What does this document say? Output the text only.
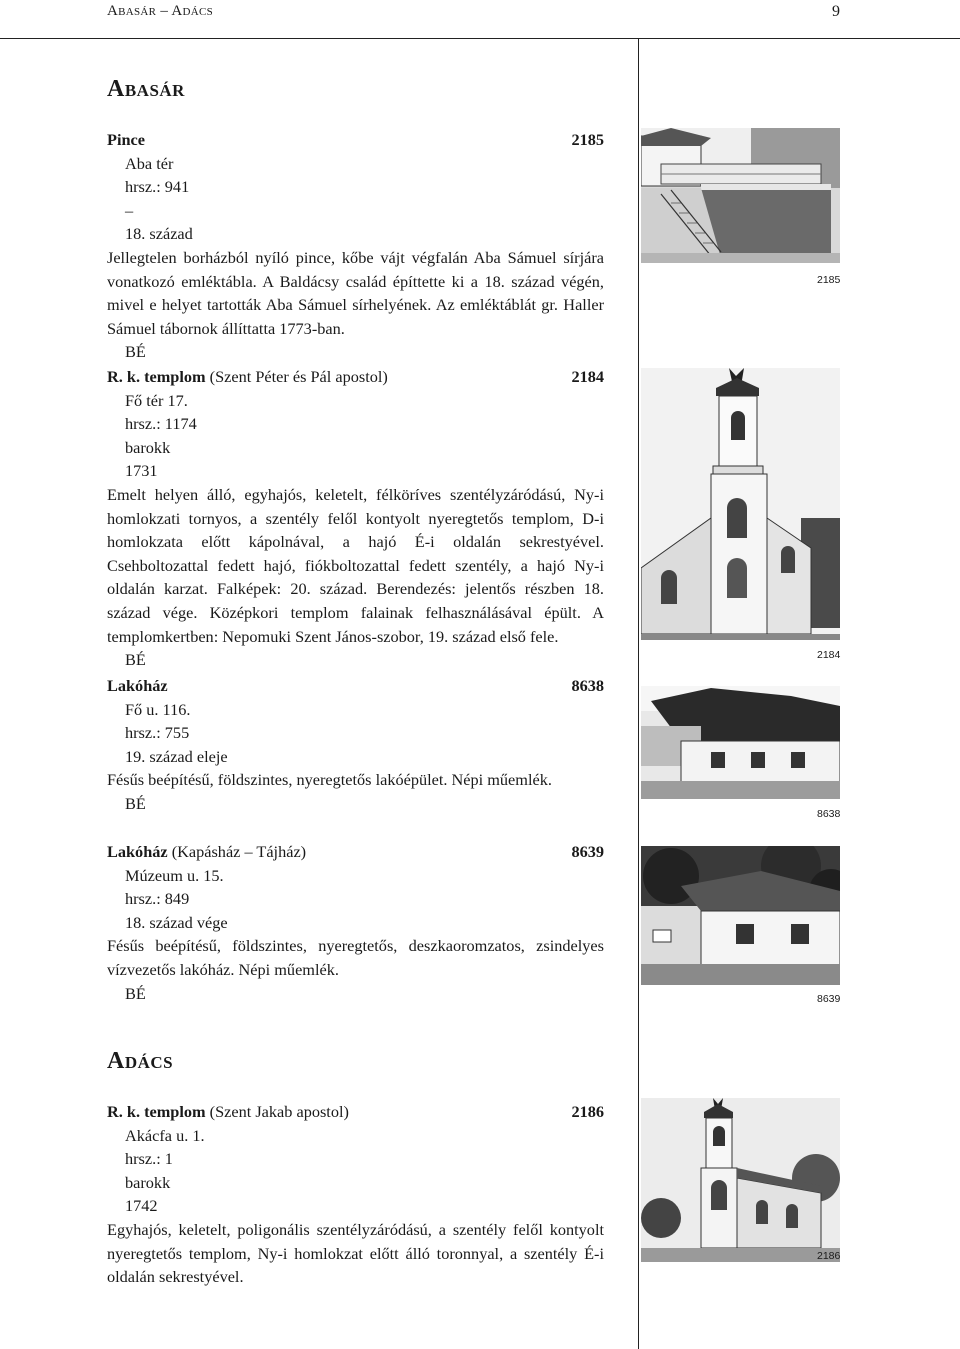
Abasár – Adács	9
Abasár
Pince	2185
Aba tér
hrsz.: 941
–
18. század
Jellegtelen borházból nyíló pince, kőbe vájt végfalán Aba Sámuel sírjára vonatkozó emléktábla. A Baldácsy család építtette ki a 18. század végén, mivel e helyet tartották Aba Sámuel sírhelyének. Az emléktáblát gr. Haller Sámuel tábornok állíttatta 1773-ban.
BÉ
R. k. templom (Szent Péter és Pál apostol)	2184
Fő tér 17.
hrsz.: 1174
barokk
1731
Emelt helyen álló, egyhajós, keletelt, félköríves szentélyzáródású, Ny-i homlokzati tornyos, a szentély felől kontyolt nyeregtetős templom, D-i homlokzata előtt kápolnával, a hajó É-i oldalán sekrestyével. Csehboltozattal fedett hajó, fiókboltozattal fedett szentély, a hajó Ny-i oldalán karzat. Falképek: 20. század. Berendezés: jelentős részben 18. század vége. Középkori templom falainak felhasználásával épült. A templomkertben: Nepomuki Szent János-szobor, 19. század első fele.
BÉ
Lakóház	8638
Fő u. 116.
hrsz.: 755
19. század eleje
Fésűs beépítésű, földszintes, nyeregtetős lakóépület. Népi műemlék.
BÉ
Lakóház (Kapásház – Tájház)	8639
Múzeum u. 15.
hrsz.: 849
18. század vége
Fésűs beépítésű, földszintes, nyeregtetős, deszkaoromzatos, zsindelyes vízvezetős lakóház. Népi műemlék.
BÉ
Adács
R. k. templom (Szent Jakab apostol)	2186
Akácfa u. 1.
hrsz.: 1
barokk
1742
Egyhajós, keletelt, poligonális szentélyzáródású, a szentély felől kontyolt nyeregtetős templom, Ny-i homlokzat előtt álló toronnyal, a szentély É-i oldalán sekrestyével.
2185
2184
8638
8639
2186
